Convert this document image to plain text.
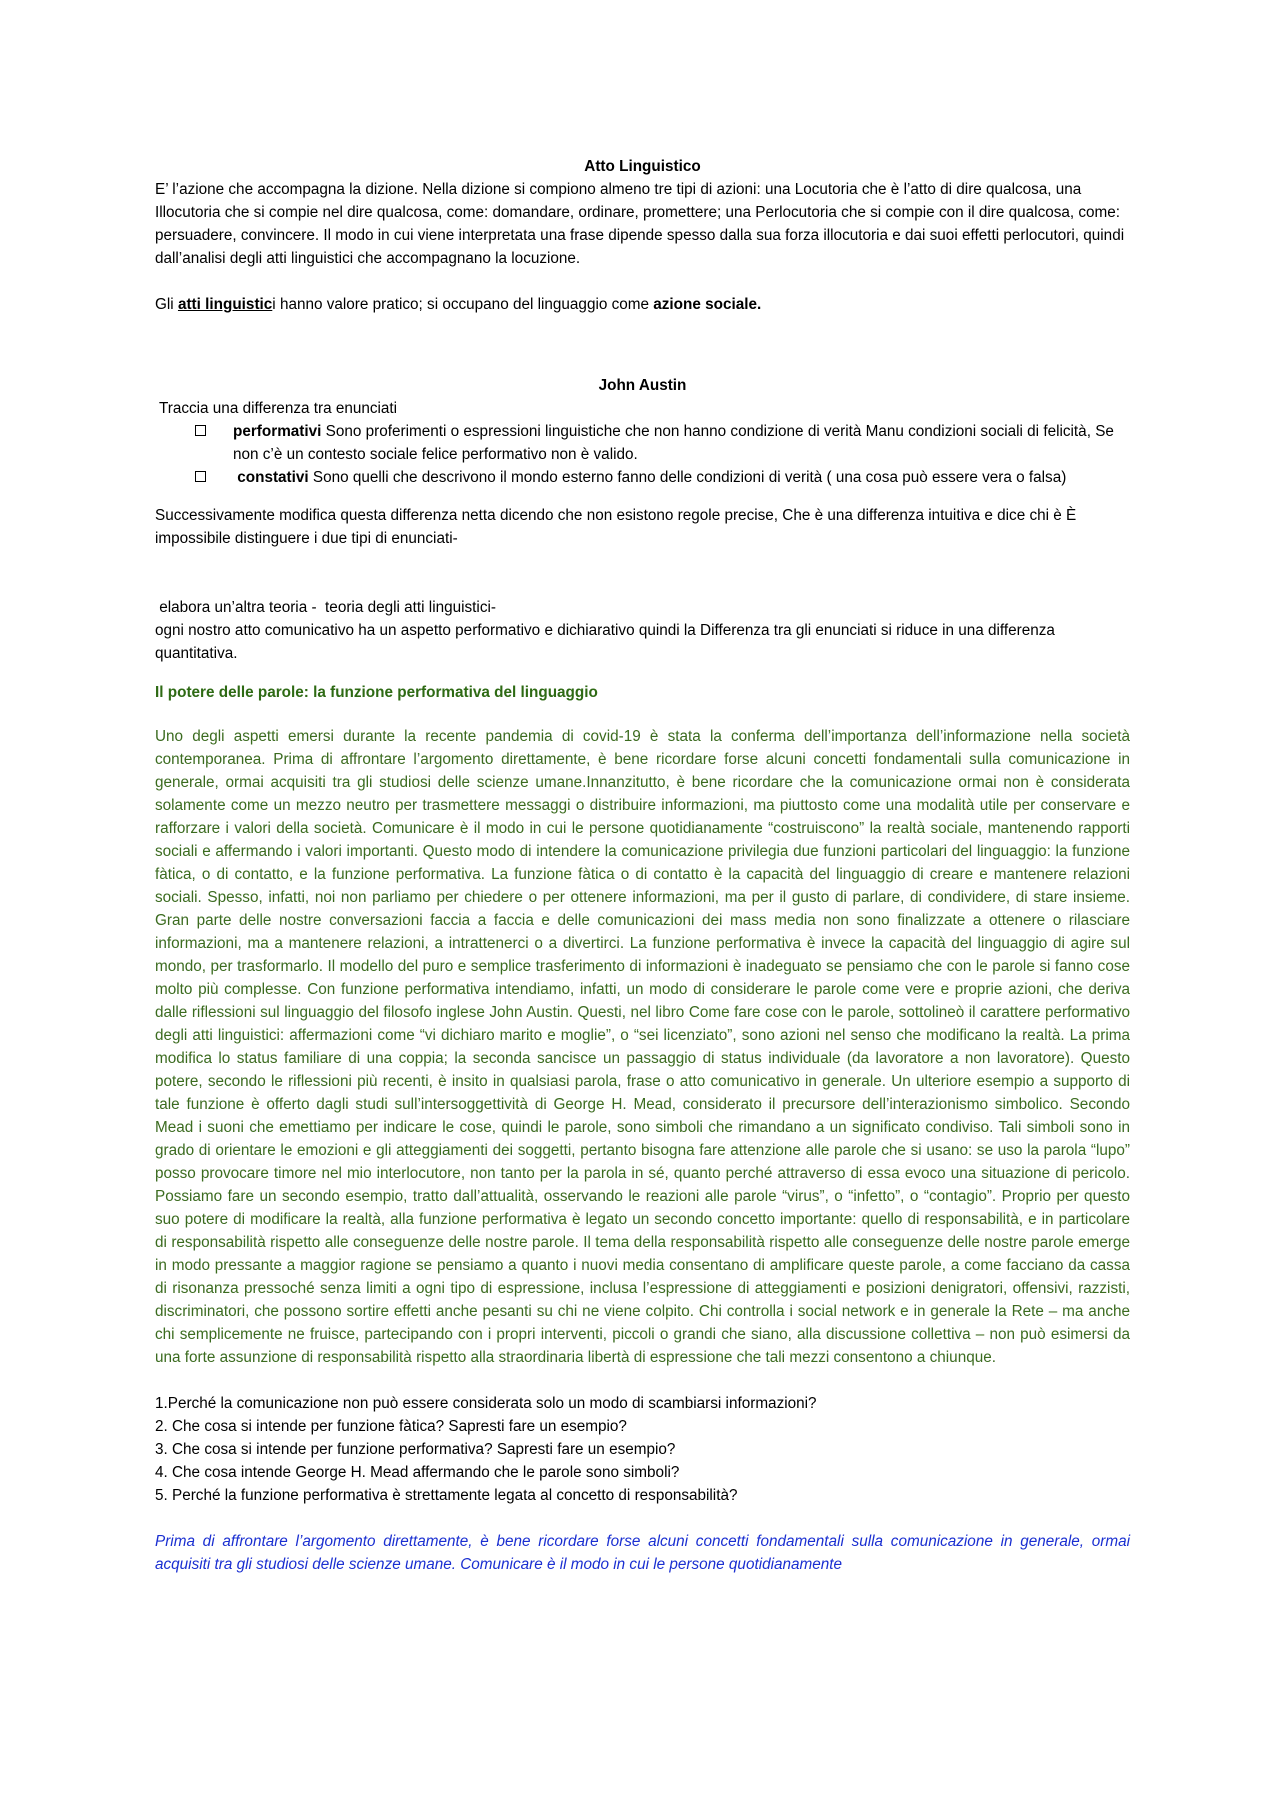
Atto Linguistico

E’ l’azione che accompagna la dizione. Nella dizione si compiono almeno tre tipi di azioni: una Locutoria che è l’atto di dire qualcosa, una Illocutoria che si compie nel dire qualcosa, come: domandare, ordinare, promettere; una Perlocutoria che si compie con il dire qualcosa, come: persuadere, convincere. Il modo in cui viene interpretata una frase dipende spesso dalla sua forza illocutoria e dai suoi effetti perlocutori, quindi dall’analisi degli atti linguistici che accompagnano la locuzione.

Gli atti linguistici hanno valore pratico; si occupano del linguaggio come azione sociale.

John Austin

Traccia una differenza tra enunciati

performativi Sono proferimenti o espressioni linguistiche che non hanno condizione di verità Manu condizioni sociali di felicità, Se non c’è un contesto sociale felice performativo non è valido.
constativi Sono quelli che descrivono il mondo esterno fanno delle condizioni di verità ( una cosa può essere vera o falsa)

Successivamente modifica questa differenza netta dicendo che non esistono regole precise, Che è una differenza intuitiva e dice chi è È impossibile distinguere i due tipi di enunciati-

elabora un’altra teoria -  teoria degli atti linguistici-

ogni nostro atto comunicativo ha un aspetto performativo e dichiarativo quindi la Differenza tra gli enunciati si riduce in una differenza quantitativa.

Il potere delle parole: la funzione performativa del linguaggio

Uno degli aspetti emersi durante la recente pandemia di covid-19 è stata la conferma dell’importanza dell’informazione nella società contemporanea. Prima di affrontare l’argomento direttamente, è bene ricordare forse alcuni concetti fondamentali sulla comunicazione in generale, ormai acquisiti tra gli studiosi delle scienze umane.Innanzitutto, è bene ricordare che la comunicazione ormai non è considerata solamente come un mezzo neutro per trasmettere messaggi o distribuire informazioni, ma piuttosto come una modalità utile per conservare e rafforzare i valori della società. Comunicare è il modo in cui le persone quotidianamente “costruiscono” la realtà sociale, mantenendo rapporti sociali e affermando i valori importanti. Questo modo di intendere la comunicazione privilegia due funzioni particolari del linguaggio: la funzione fàtica, o di contatto, e la funzione performativa. La funzione fàtica o di contatto è la capacità del linguaggio di creare e mantenere relazioni sociali. Spesso, infatti, noi non parliamo per chiedere o per ottenere informazioni, ma per il gusto di parlare, di condividere, di stare insieme. Gran parte delle nostre conversazioni faccia a faccia e delle comunicazioni dei mass media non sono finalizzate a ottenere o rilasciare informazioni, ma a mantenere relazioni, a intrattenerci o a divertirci. La funzione performativa è invece la capacità del linguaggio di agire sul mondo, per trasformarlo. Il modello del puro e semplice trasferimento di informazioni è inadeguato se pensiamo che con le parole si fanno cose molto più complesse. Con funzione performativa intendiamo, infatti, un modo di considerare le parole come vere e proprie azioni, che deriva dalle riflessioni sul linguaggio del filosofo inglese John Austin. Questi, nel libro Come fare cose con le parole, sottolineò il carattere performativo degli atti linguistici: affermazioni come “vi dichiaro marito e moglie”, o “sei licenziato”, sono azioni nel senso che modificano la realtà. La prima modifica lo status familiare di una coppia; la seconda sancisce un passaggio di status individuale (da lavoratore a non lavoratore). Questo potere, secondo le riflessioni più recenti, è insito in qualsiasi parola, frase o atto comunicativo in generale. Un ulteriore esempio a supporto di tale funzione è offerto dagli studi sull’intersoggettività di George H. Mead, considerato il precursore dell’interazionismo simbolico. Secondo Mead i suoni che emettiamo per indicare le cose, quindi le parole, sono simboli che rimandano a un significato condiviso. Tali simboli sono in grado di orientare le emozioni e gli atteggiamenti dei soggetti, pertanto bisogna fare attenzione alle parole che si usano: se uso la parola “lupo” posso provocare timore nel mio interlocutore, non tanto per la parola in sé, quanto perché attraverso di essa evoco una situazione di pericolo. Possiamo fare un secondo esempio, tratto dall’attualità, osservando le reazioni alle parole “virus”, o “infetto”, o “contagio”. Proprio per questo suo potere di modificare la realtà, alla funzione performativa è legato un secondo concetto importante: quello di responsabilità, e in particolare di responsabilità rispetto alle conseguenze delle nostre parole. Il tema della responsabilità rispetto alle conseguenze delle nostre parole emerge in modo pressante a maggior ragione se pensiamo a quanto i nuovi media consentano di amplificare queste parole, a come facciano da cassa di risonanza pressoché senza limiti a ogni tipo di espressione, inclusa l’espressione di atteggiamenti e posizioni denigratori, offensivi, razzisti, discriminatori, che possono sortire effetti anche pesanti su chi ne viene colpito. Chi controlla i social network e in generale la Rete – ma anche chi semplicemente ne fruisce, partecipando con i propri interventi, piccoli o grandi che siano, alla discussione collettiva – non può esimersi da una forte assunzione di responsabilità rispetto alla straordinaria libertà di espressione che tali mezzi consentono a chiunque.

1.Perché la comunicazione non può essere considerata solo un modo di scambiarsi informazioni?

2. Che cosa si intende per funzione fàtica? Sapresti fare un esempio?

3. Che cosa si intende per funzione performativa? Sapresti fare un esempio?

4. Che cosa intende George H. Mead affermando che le parole sono simboli?

5. Perché la funzione performativa è strettamente legata al concetto di responsabilità?

Prima di affrontare l’argomento direttamente, è bene ricordare forse alcuni concetti fondamentali sulla comunicazione in generale, ormai acquisiti tra gli studiosi delle scienze umane. Comunicare è il modo in cui le persone quotidianamente
